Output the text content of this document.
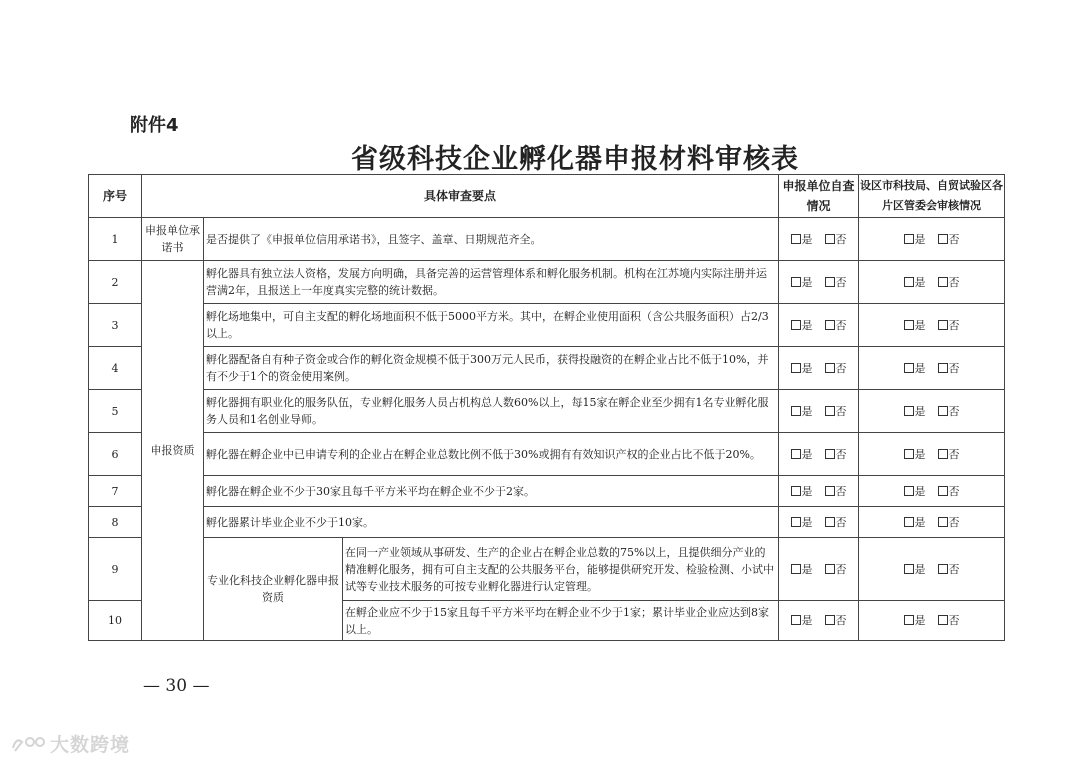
附件4
省级科技企业孵化器申报材料审核表
序号	具体审查要点			申报单位自查情况	设区市科技局、自贸试验区各片区管委会审核情况
1	申报单位承诺书	是否提供了《申报单位信用承诺书》，且签字、盖章、日期规范齐全。		是 否	是 否
2	申报资质	孵化器具有独立法人资格，发展方向明确，具备完善的运营管理体系和孵化服务机制。机构在江苏境内实际注册并运营满2年，且报送上一年度真实完整的统计数据。		是 否	是 否
3		孵化场地集中，可自主支配的孵化场地面积不低于5000平方米。其中，在孵企业使用面积（含公共服务面积）占2/3以上。		是 否	是 否
4		孵化器配备自有种子资金或合作的孵化资金规模不低于300万元人民币，获得投融资的在孵企业占比不低于10%，并有不少于1个的资金使用案例。		是 否	是 否
5		孵化器拥有职业化的服务队伍，专业孵化服务人员占机构总人数60%以上，每15家在孵企业至少拥有1名专业孵化服务人员和1名创业导师。		是 否	是 否
6		孵化器在孵企业中已申请专利的企业占在孵企业总数比例不低于30%或拥有有效知识产权的企业占比不低于20%。		是 否	是 否
7		孵化器在孵企业不少于30家且每千平方米平均在孵企业不少于2家。		是 否	是 否
8		孵化器累计毕业企业不少于10家。		是 否	是 否
9		专业化科技企业孵化器申报资质	在同一产业领域从事研发、生产的企业占在孵企业总数的75%以上，且提供细分产业的精准孵化服务，拥有可自主支配的公共服务平台，能够提供研究开发、检验检测、小试中试等专业技术服务的可按专业孵化器进行认定管理。	是 否	是 否
10			在孵企业应不少于15家且每千平方米平均在孵企业不少于1家；累计毕业企业应达到8家以上。	是 否	是 否
— 30 —
大数跨境
